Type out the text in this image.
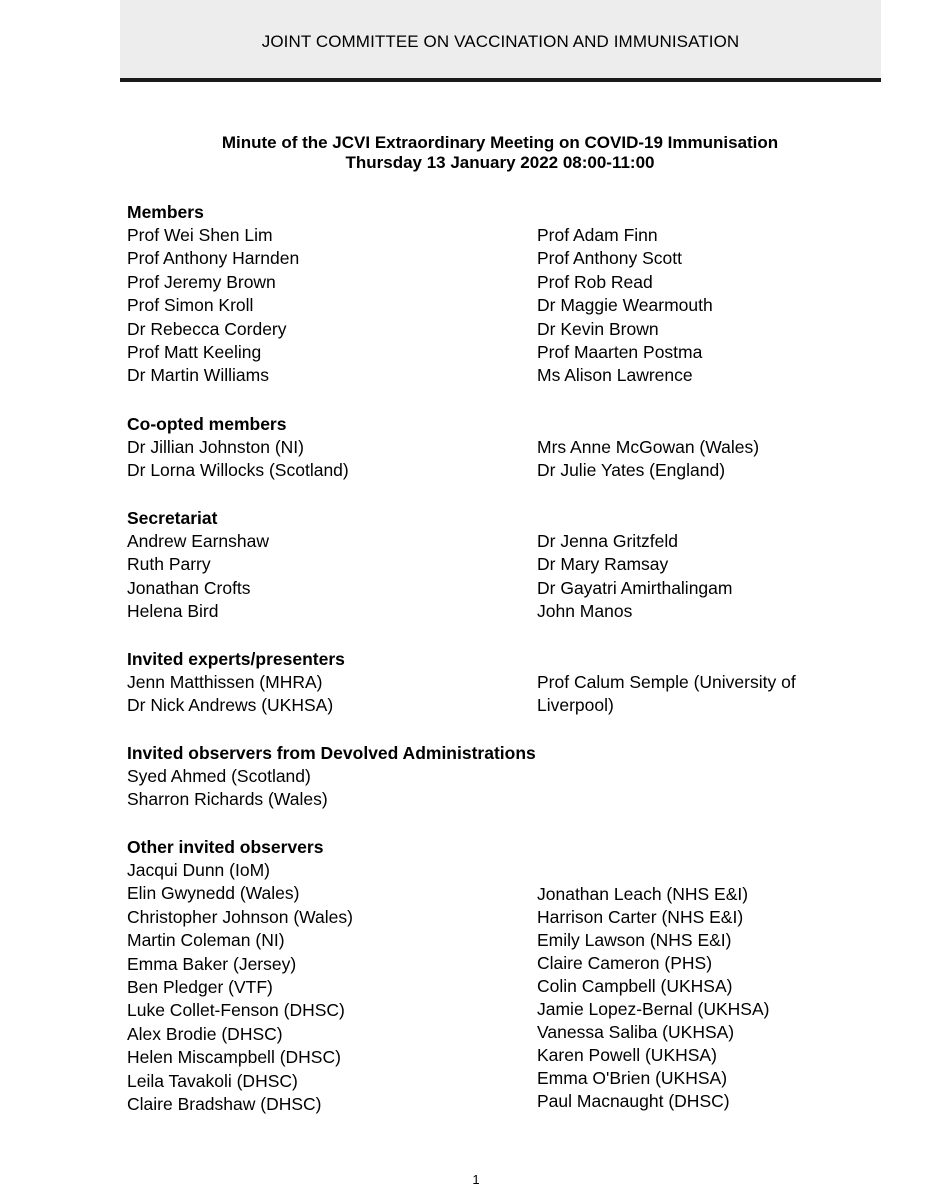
JOINT COMMITTEE ON VACCINATION AND IMMUNISATION
Minute of the JCVI Extraordinary Meeting on COVID-19 Immunisation
Thursday 13 January 2022 08:00-11:00
Members
Prof Wei Shen Lim
Prof Anthony Harnden
Prof Jeremy Brown
Prof Simon Kroll
Dr Rebecca Cordery
Prof Matt Keeling
Dr Martin Williams
Prof Adam Finn
Prof Anthony Scott
Prof Rob Read
Dr Maggie Wearmouth
Dr Kevin Brown
Prof Maarten Postma
Ms Alison Lawrence
Co-opted members
Dr Jillian Johnston (NI)
Dr Lorna Willocks (Scotland)
Mrs Anne McGowan (Wales)
Dr Julie Yates (England)
Secretariat
Andrew Earnshaw
Ruth Parry
Jonathan Crofts
Helena Bird
Dr Jenna Gritzfeld
Dr Mary Ramsay
Dr Gayatri Amirthalingam
John Manos
Invited experts/presenters
Jenn Matthissen (MHRA)
Dr Nick Andrews (UKHSA)
Prof Calum Semple (University of
Liverpool)
Invited observers from Devolved Administrations
Syed Ahmed (Scotland)
Sharron Richards (Wales)
Other invited observers
Jacqui Dunn (IoM)
Elin Gwynedd (Wales)
Christopher Johnson (Wales)
Martin Coleman (NI)
Emma Baker (Jersey)
Ben Pledger (VTF)
Luke Collet-Fenson (DHSC)
Alex Brodie (DHSC)
Helen Miscampbell (DHSC)
Leila Tavakoli (DHSC)
Claire Bradshaw (DHSC)
Jonathan Leach (NHS E&I)
Harrison Carter (NHS E&I)
Emily Lawson (NHS E&I)
Claire Cameron (PHS)
Colin Campbell (UKHSA)
Jamie Lopez-Bernal (UKHSA)
Vanessa Saliba (UKHSA)
Karen Powell (UKHSA)
Emma O'Brien (UKHSA)
Paul Macnaught (DHSC)
1
